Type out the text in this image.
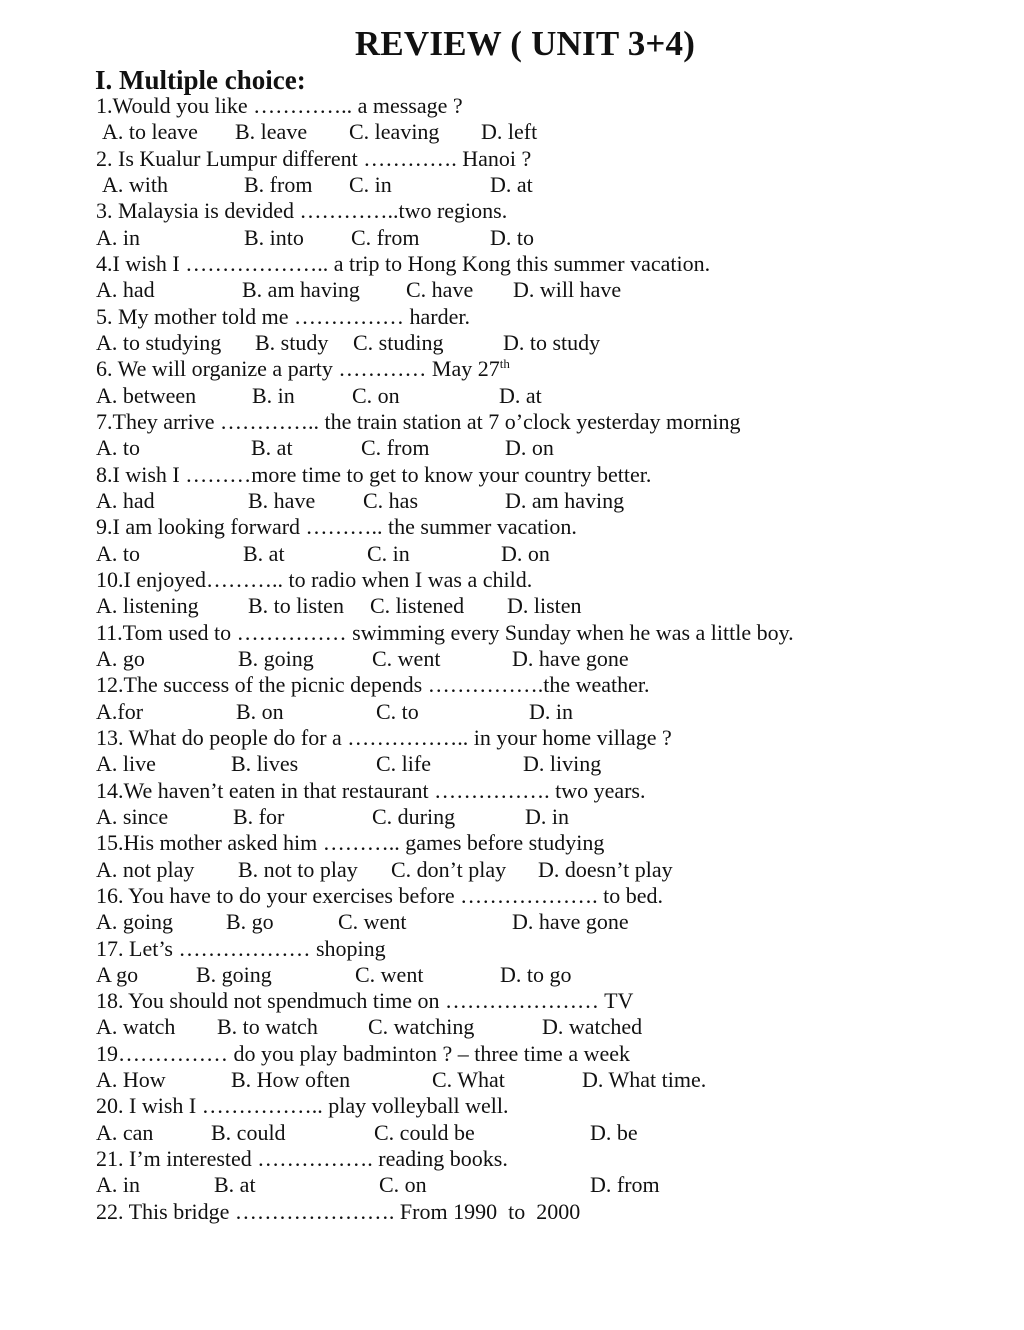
REVIEW ( UNIT 3+4)
I. Multiple choice:
1.Would you like ………….. a message ?

A. to leave

B. leave

C. leaving

D. left

2. Is Kualur Lumpur different …………. Hanoi ?

A. with

	B. from

C. in

	D. at

3. Malaysia is devided …………..two regions.

A. in

	B. into

C. from

	D. to

4.I wish I ……………….. a trip to Hong Kong this summer vacation.

A. had

	B. am having

C. have

D. will have

5. My mother told me …………… harder.

A. to studying

B. study

C. studing

	D. to study

6. We will organize a party ………… May 27th

A. between

	B. in

	C. on

	D. at

7.They arrive ………….. the train station at 7 o’clock yesterday morning

A. to

	B. at

	C. from

	D. on

8.I wish I ………more time to get to know your country better.

A. had

	B. have

C. has

	D. am having

9.I am looking forward ……….. the summer vacation.

A. to

	B. at

	C. in

	D. on

10.I enjoyed……….. to radio when I was a child.

A. listening

B. to listen

C. listened

D. listen

11.Tom used to …………… swimming every Sunday when he was a little boy.

A. go

	B. going

	C. went

	D. have gone

12.The success of the picnic depends …………….the weather.

A.for

	B. on

	C. to

	D. in

13. What do people do for a …………….. in your home village ?

A. live

	B. lives

	C. life

	D. living

14.We haven’t eaten in that restaurant ……………. two years.

A. since

	B. for

	C. during

	D. in

15.His mother asked him ……….. games before studying

A. not play

B. not to play

C. don’t play

D. doesn’t play

16. You have to do your exercises before ………………. to bed.

A. going

B. go

	C. went

	D. have gone

17. Let’s ……………… shoping

A go

	B. going

	C. went

	D. to go

18. You should not spendmuch time on ………………… TV

A. watch

B. to watch

C. watching

	D. watched

19…………… do you play badminton ? – three time a week

A. How

	B. How often

	C. What

	D. What time.

20. I wish I …………….. play volleyball well.

A. can

	B. could

	C. could be

	D. be

21. I’m interested ……………. reading books.

A. in

	B. at

	C. on

	D. from

22. This bridge …………………. From 1990  to  2000
